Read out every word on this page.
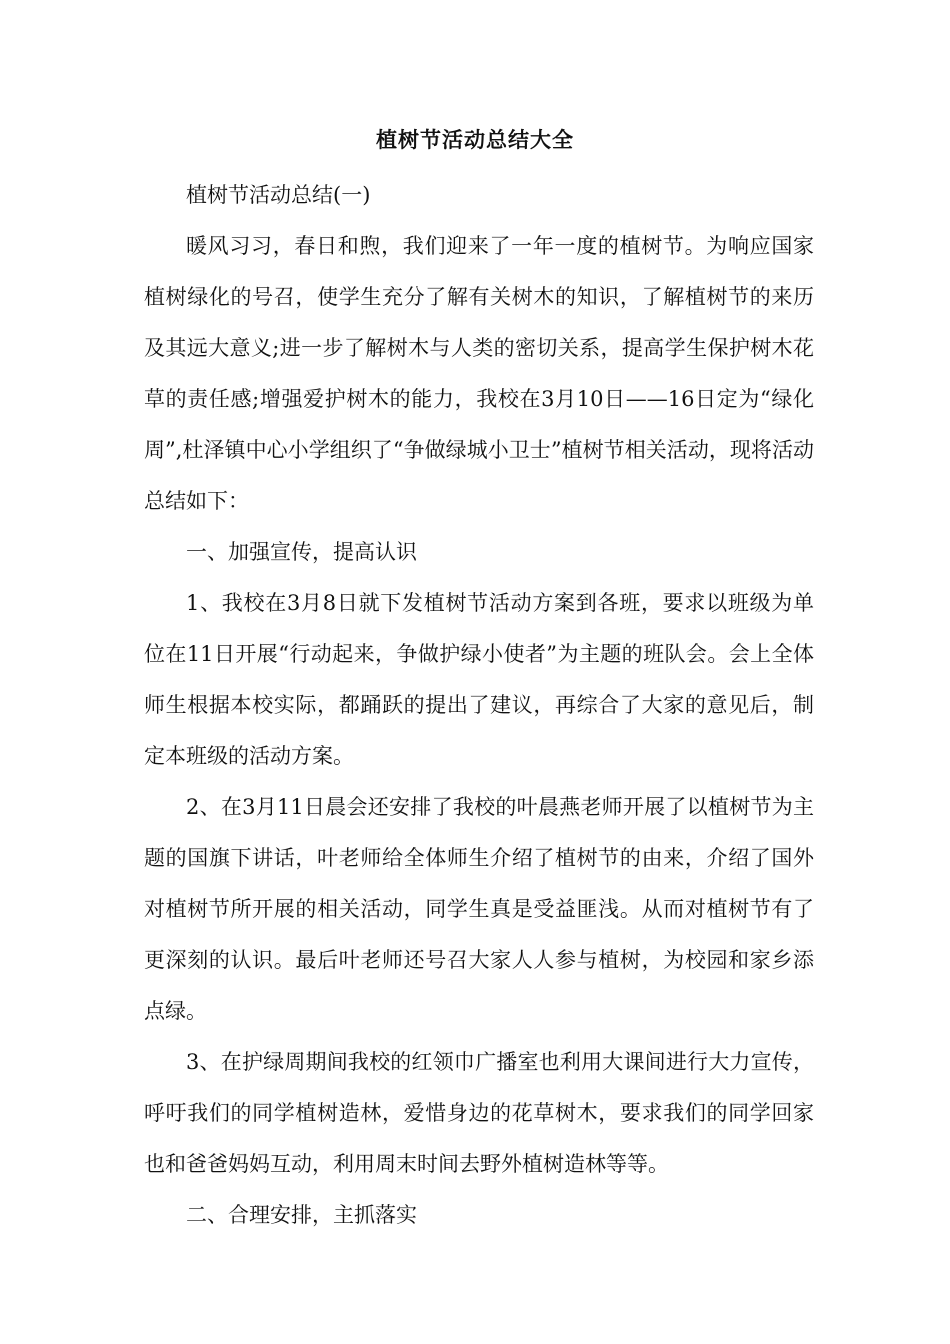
植树节活动总结大全

植树节活动总结(一)

暖风习习，春日和煦，我们迎来了一年一度的植树节。为响应国家植树绿化的号召，使学生充分了解有关树木的知识，了解植树节的来历及其远大意义;进一步了解树木与人类的密切关系，提高学生保护树木花草的责任感;增强爱护树木的能力，我校在3月10日——16日定为“绿化周”,杜泽镇中心小学组织了“争做绿城小卫士”植树节相关活动，现将活动总结如下：

一、加强宣传，提高认识

1、我校在3月8日就下发植树节活动方案到各班，要求以班级为单位在11日开展“行动起来，争做护绿小使者”为主题的班队会。会上全体师生根据本校实际，都踊跃的提出了建议，再综合了大家的意见后，制定本班级的活动方案。

2、在3月11日晨会还安排了我校的叶晨燕老师开展了以植树节为主题的国旗下讲话，叶老师给全体师生介绍了植树节的由来，介绍了国外对植树节所开展的相关活动，同学生真是受益匪浅。从而对植树节有了更深刻的认识。最后叶老师还号召大家人人参与植树，为校园和家乡添点绿。

3、在护绿周期间我校的红领巾广播室也利用大课间进行大力宣传，呼吁我们的同学植树造林，爱惜身边的花草树木，要求我们的同学回家也和爸爸妈妈互动，利用周末时间去野外植树造林等等。

二、合理安排，主抓落实
